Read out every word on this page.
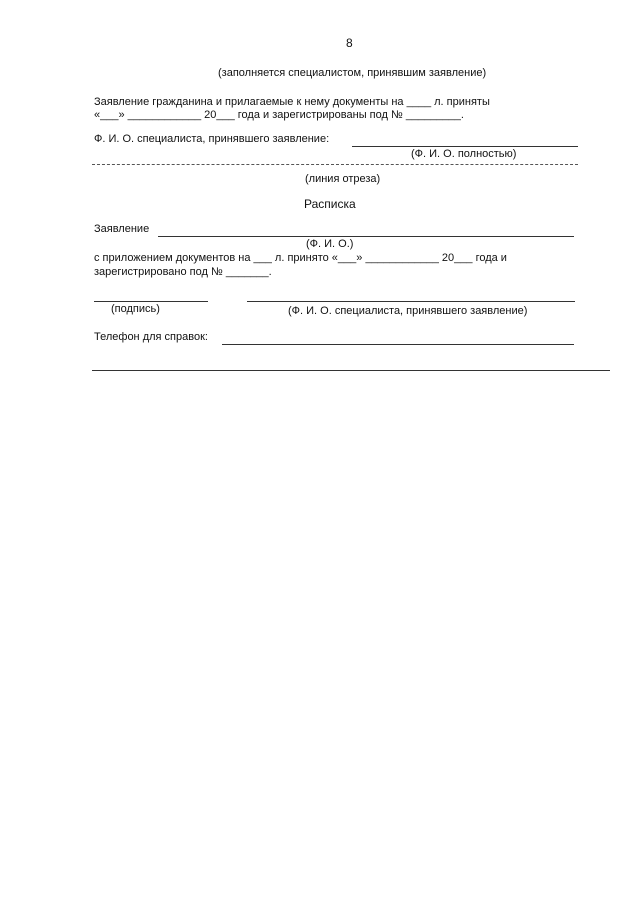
8
(заполняется специалистом, принявшим заявление)
Заявление гражданина и прилагаемые к нему документы на ____ л. приняты
«___» ____________ 20___ года и зарегистрированы под № _________.
Ф. И. О. специалиста, принявшего заявление:
(Ф. И. О. полностью)
(линия отреза)
Расписка
Заявление
(Ф. И. О.)
с приложением документов на ___ л. принято «___» ____________ 20___ года и
зарегистрировано под № _______.
(подпись)	(Ф. И. О. специалиста, принявшего заявление)
Телефон для справок:
